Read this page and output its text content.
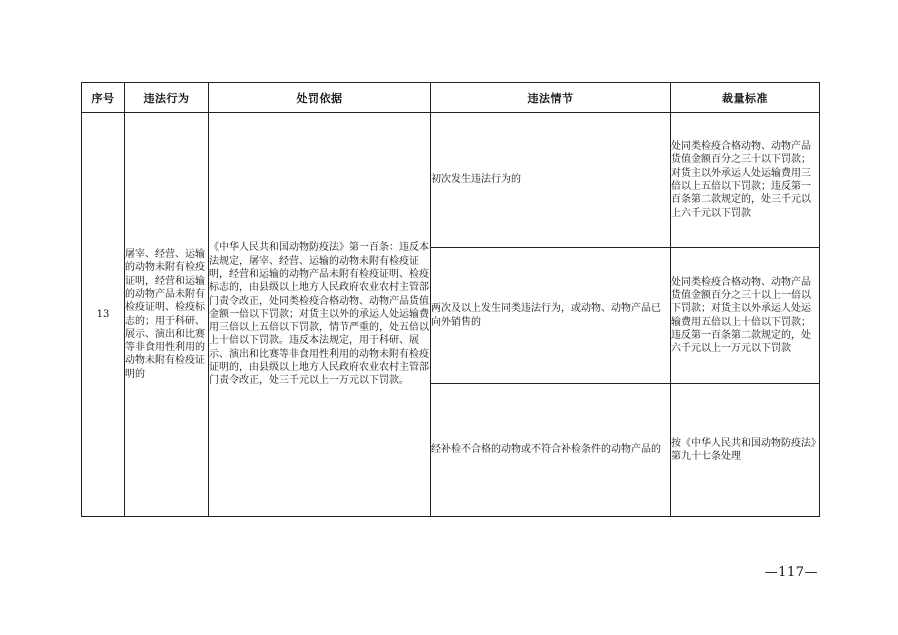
序号	违法行为	处罚依据	违法情节	裁量标准
13	屠宰、经营、运输的动物未附有检疫证明，经营和运输的动物产品未附有检疫证明、检疫标志的；用于科研、展示、演出和比赛等非食用性利用的动物未附有检疫证明的	《中华人民共和国动物防疫法》第一百条：违反本法规定，屠宰、经营、运输的动物未附有检疫证明，经营和运输的动物产品未附有检疫证明、检疫标志的，由县级以上地方人民政府农业农村主管部门责令改正，处同类检疫合格动物、动物产品货值金额一倍以下罚款；对货主以外的承运人处运输费用三倍以上五倍以下罚款，情节严重的，处五倍以上十倍以下罚款。违反本法规定，用于科研、展示、演出和比赛等非食用性利用的动物未附有检疫证明的，由县级以上地方人民政府农业农村主管部门责令改正，处三千元以上一万元以下罚款。	初次发生违法行为的	处同类检疫合格动物、动物产品货值金额百分之三十以下罚款；对货主以外承运人处运输费用三倍以上五倍以下罚款；违反第一百条第二款规定的，处三千元以上六千元以下罚款
			两次及以上发生同类违法行为，或动物、动物产品已向外销售的	处同类检疫合格动物、动物产品货值金额百分之三十以上一倍以下罚款；对货主以外承运人处运输费用五倍以上十倍以下罚款；违反第一百条第二款规定的，处六千元以上一万元以下罚款
			经补检不合格的动物或不符合补检条件的动物产品的	按《中华人民共和国动物防疫法》第九十七条处理
—117—
